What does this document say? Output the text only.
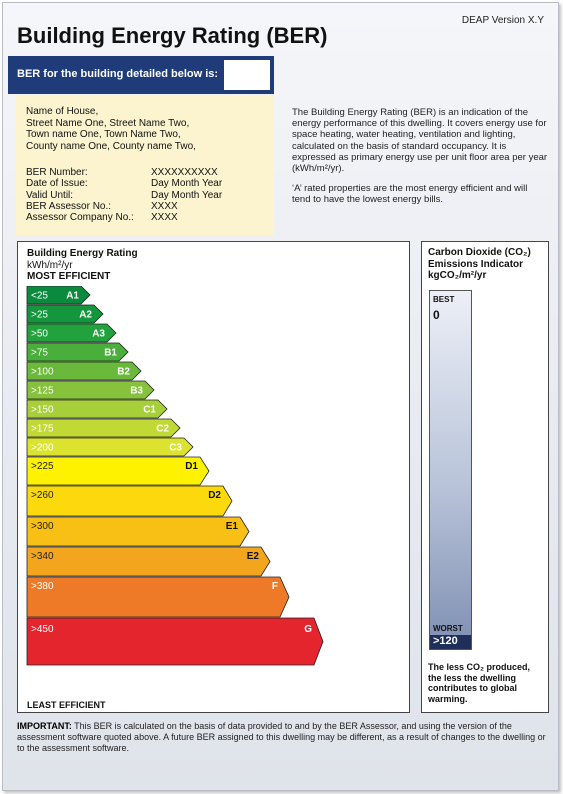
Building Energy Rating (BER)
DEAP Version X.Y
BER for the building detailed below is:
Name of House,
Street Name One, Street Name Two,
Town name One, Town Name Two,
County name One, County name Two,
BER Number:	XXXXXXXXXX
Date of Issue:	Day Month Year
Valid Until:	Day Month Year
BER Assessor No.:	XXXX
Assessor Company No.:	XXXX

The Building Energy Rating (BER) is an indication of the energy performance of this dwelling. It covers energy use for space heating, water heating, ventilation and lighting, calculated on the basis of standard occupancy. It is expressed as primary energy use per unit floor area per year (kWh/m²/yr).

‘A’ rated properties are the most energy efficient and will tend to have the lowest energy bills.

Building Energy Rating
kWh/m²/yr
MOST EFFICIENT
<25 A1
>25	A2
>50	A3
>75	B1
>100	B2
>125	B3
>150	C1
>175	C2
>200	C3
>225	D1
>260	D2
>300	E1
>340	E2
>380	F
>450	G
LEAST EFFICIENT
Carbon Dioxide (CO₂)
Emissions Indicator
kgCO₂/m²/yr
BEST
0
WORST
>120
The less CO₂ produced, the less the dwelling contributes to global warming.
IMPORTANT: This BER is calculated on the basis of data provided to and by the BER Assessor, and using the version of the assessment software quoted above. A future BER assigned to this dwelling may be different, as a result of changes to the dwelling or to the assessment software.
